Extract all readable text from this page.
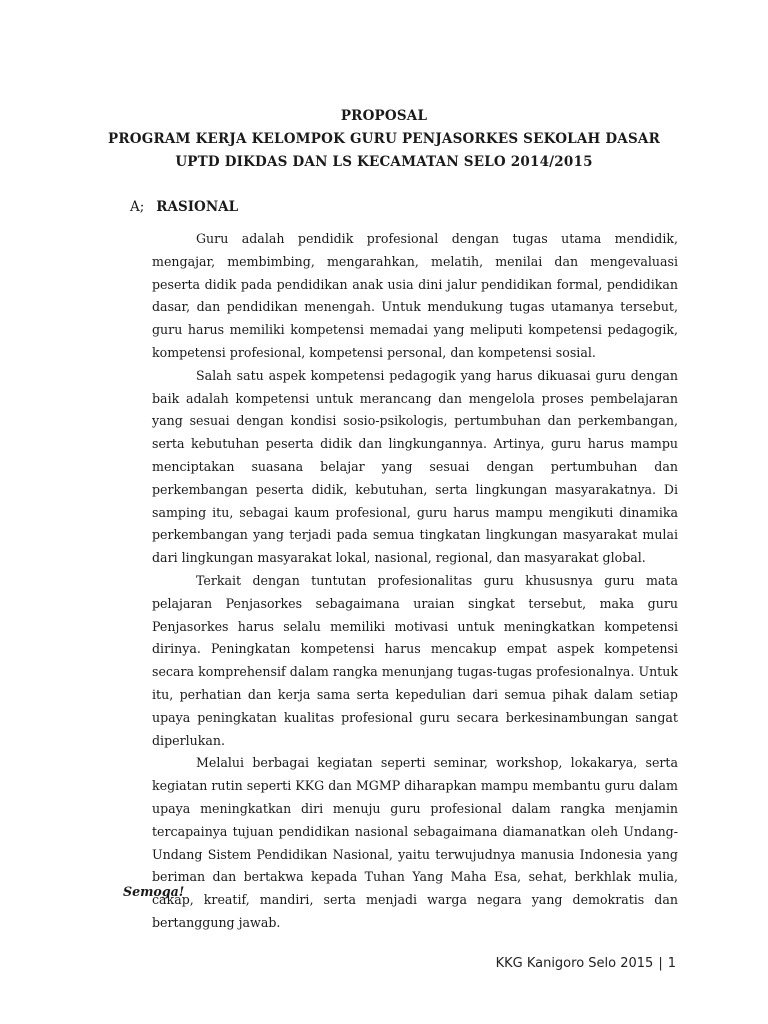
PROPOSAL
PROGRAM KERJA KELOMPOK GURU PENJASORKES SEKOLAH DASAR
UPTD DIKDAS DAN LS KECAMATAN SELO 2014/2015
A; RASIONAL

Guru adalah pendidik profesional dengan tugas utama mendidik, mengajar, membimbing, mengarahkan, melatih, menilai dan mengevaluasi peserta didik pada pendidikan anak usia dini jalur pendidikan formal, pendidikan dasar, dan pendidikan menengah. Untuk mendukung tugas utamanya tersebut, guru harus memiliki kompetensi memadai yang meliputi kompetensi pedagogik, kompetensi profesional, kompetensi personal, dan kompetensi sosial.

Salah satu aspek kompetensi pedagogik yang harus dikuasai guru dengan baik adalah kompetensi untuk merancang dan mengelola proses pembelajaran yang sesuai dengan kondisi sosio-psikologis, pertumbuhan dan perkembangan, serta kebutuhan peserta didik dan lingkungannya. Artinya, guru harus mampu menciptakan suasana belajar yang sesuai dengan pertumbuhan dan perkembangan peserta didik, kebutuhan, serta lingkungan masyarakatnya. Di samping itu, sebagai kaum profesional, guru harus mampu mengikuti dinamika perkembangan yang terjadi pada semua tingkatan lingkungan masyarakat mulai dari lingkungan masyarakat lokal, nasional, regional, dan masyarakat global.

Terkait dengan tuntutan profesionalitas guru khususnya guru mata pelajaran Penjasorkes sebagaimana uraian singkat tersebut, maka guru Penjasorkes harus selalu memiliki motivasi untuk meningkatkan kompetensi dirinya. Peningkatan kompetensi harus mencakup empat aspek kompetensi secara komprehensif dalam rangka menunjang tugas-tugas profesionalnya. Untuk itu, perhatian dan kerja sama serta kepedulian dari semua pihak dalam setiap upaya peningkatan kualitas profesional guru secara berkesinambungan sangat diperlukan.

Melalui berbagai kegiatan seperti seminar, workshop, lokakarya, serta kegiatan rutin seperti KKG dan MGMP diharapkan mampu membantu guru dalam upaya meningkatkan diri menuju guru profesional dalam rangka menjamin tercapainya tujuan pendidikan nasional sebagaimana diamanatkan oleh Undang-Undang Sistem Pendidikan Nasional, yaitu terwujudnya manusia Indonesia yang beriman dan bertakwa kepada Tuhan Yang Maha Esa, sehat, berkhlak mulia, cakap, kreatif, mandiri, serta menjadi warga negara yang demokratis dan bertanggung jawab.

Semoga!
KKG Kanigoro Selo 2015 | 1
